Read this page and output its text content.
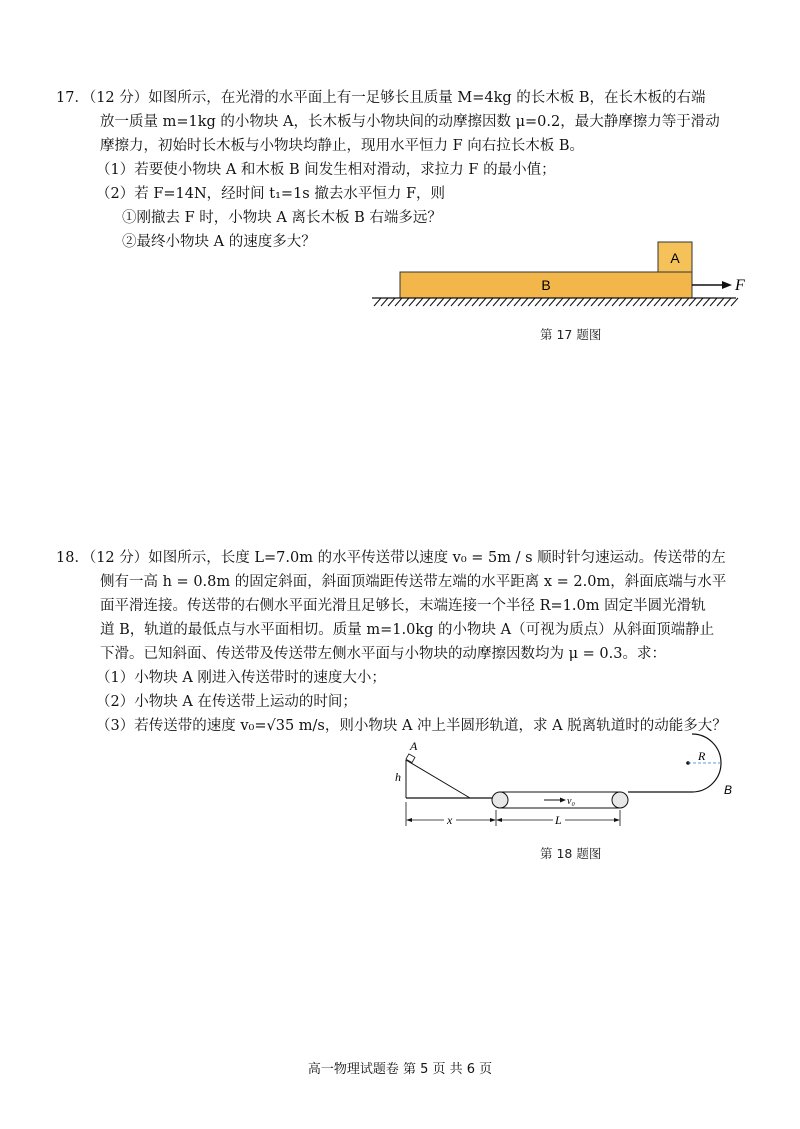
17．（12 分）如图所示，在光滑的水平面上有一足够长且质量 M=4kg 的长木板 B，在长木板的右端

放一质量 m=1kg 的小物块 A，长木板与小物块间的动摩擦因数 μ=0.2，最大静摩擦力等于滑动

摩擦力，初始时长木板与小物块均静止，现用水平恒力 F 向右拉长木板 B。

（1）若要使小物块 A 和木板 B 间发生相对滑动，求拉力 F 的最小值；

（2）若 F=14N，经时间 t₁=1s 撤去水平恒力 F，则

①刚撤去 F 时，小物块 A 离长木板 B 右端多远？

②最终小物块 A 的速度多大？

A
B	F
第 17 题图

18．（12 分）如图所示，长度 L=7.0m 的水平传送带以速度 v₀ = 5m / s 顺时针匀速运动。传送带的左

侧有一高 h = 0.8m 的固定斜面，斜面顶端距传送带左端的水平距离 x = 2.0m，斜面底端与水平

面平滑连接。传送带的右侧水平面光滑且足够长，末端连接一个半径 R=1.0m 固定半圆光滑轨

道 B，轨道的最低点与水平面相切。质量 m=1.0kg 的小物块 A（可视为质点）从斜面顶端静止

下滑。已知斜面、传送带及传送带左侧水平面与小物块的动摩擦因数均为 μ = 0.3。求：

（1）小物块 A 刚进入传送带时的速度大小；

（2）小物块 A 在传送带上运动的时间；

（3）若传送带的速度 v₀=√35 m/s，则小物块 A 冲上半圆形轨道，求 A 脱离轨道时的动能多大？

A
h
v₀
R
B
x	L
第 18 题图
高一物理试题卷 第 5 页 共 6 页
